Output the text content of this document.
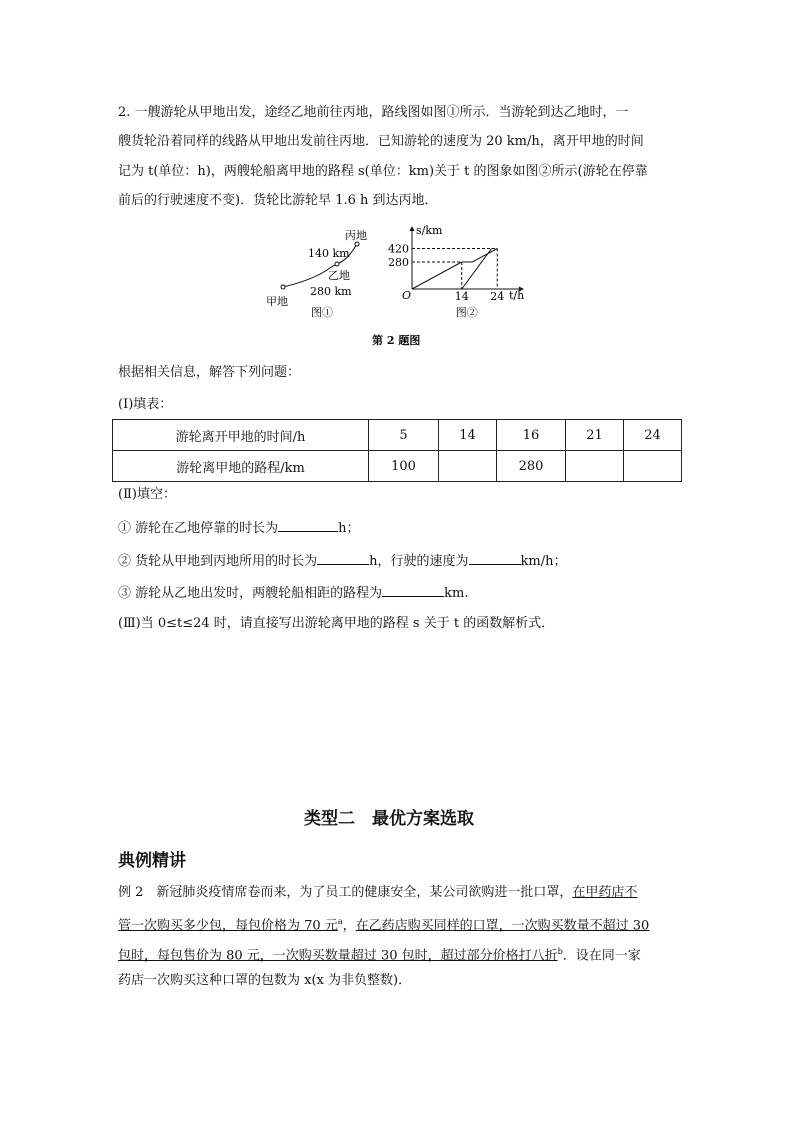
2. 一艘游轮从甲地出发，途经乙地前往丙地，路线图如图①所示．当游轮到达乙地时，一
艘货轮沿着同样的线路从甲地出发前往丙地．已知游轮的速度为 20 km/h，离开甲地的时间
记为 t(单位：h)，两艘轮船离甲地的路程 s(单位：km)关于 t 的图象如图②所示(游轮在停靠
前后的行驶速度不变)．货轮比游轮早 1.6 h 到达丙地．
丙地
140 km
乙地
280 km
甲地
图①
s/km
t/h
O
280
420
14 24
图②
第 2 题图
根据相关信息，解答下列问题：
(Ⅰ)填表：
游轮离开甲地的时间/h	5	14	16	21	24
游轮离甲地的路程/km	100		280		
(Ⅱ)填空：
① 游轮在乙地停靠的时长为	h；
② 货轮从甲地到丙地所用的时长为	h，行驶的速度为	km/h；
③ 游轮从乙地出发时，两艘轮船相距的路程为	km.
(Ⅲ)当 0≤t≤24 时，请直接写出游轮离甲地的路程 s 关于 t 的函数解析式．
类型二　最优方案选取
典例精讲
例 2　新冠肺炎疫情席卷而来，为了员工的健康安全，某公司欲购进一批口罩，在甲药店不
管一次购买多少包，每包价格为 70 元$^a$，在乙药店购买同样的口罩，一次购买数量不超过 30
包时，每包售价为 80 元，一次购买数量超过 30 包时，超过部分价格打八折$^b$．设在同一家
药店一次购买这种口罩的包数为 x(x 为非负整数)．
